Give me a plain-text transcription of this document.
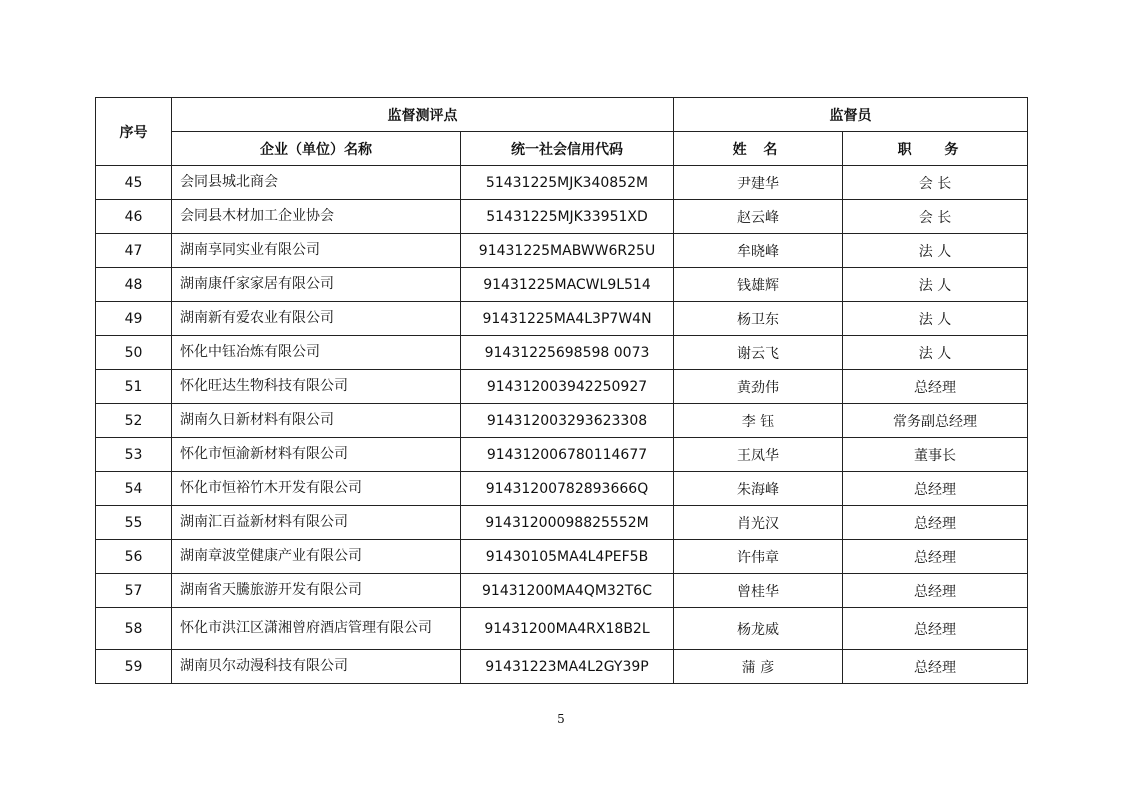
序号	监督测评点		监督员	
	企业（单位）名称	统一社会信用代码	姓 名	职 务
45	会同县城北商会	51431225MJK340852M	尹建华	会 长
46	会同县木材加工企业协会	51431225MJK33951XD	赵云峰	会 长
47	湖南享同实业有限公司	91431225MABWW6R25U	牟晓峰	法 人
48	湖南康仟家家居有限公司	91431225MACWL9L514	钱雄辉	法 人
49	湖南新有爱农业有限公司	91431225MA4L3P7W4N	杨卫东	法 人
50	怀化中钰冶炼有限公司	91431225698598 0073	谢云飞	法 人
51	怀化旺达生物科技有限公司	914312003942250927	黄劲伟	总经理
52	湖南久日新材料有限公司	914312003293623308	李 钰	常务副总经理
53	怀化市恒渝新材料有限公司	914312006780114677	王凤华	董事长
54	怀化市恒裕竹木开发有限公司	91431200782893666Q	朱海峰	总经理
55	湖南汇百益新材料有限公司	91431200098825552M	肖光汉	总经理
56	湖南章波堂健康产业有限公司	91430105MA4L4PEF5B	许伟章	总经理
57	湖南省天騰旅游开发有限公司	91431200MA4QM32T6C	曾桂华	总经理
58	怀化市洪江区潇湘曾府酒店管理有限公司	91431200MA4RX18B2L	杨龙威	总经理
59	湖南贝尔动漫科技有限公司	91431223MA4L2GY39P	蒲 彦	总经理
5
